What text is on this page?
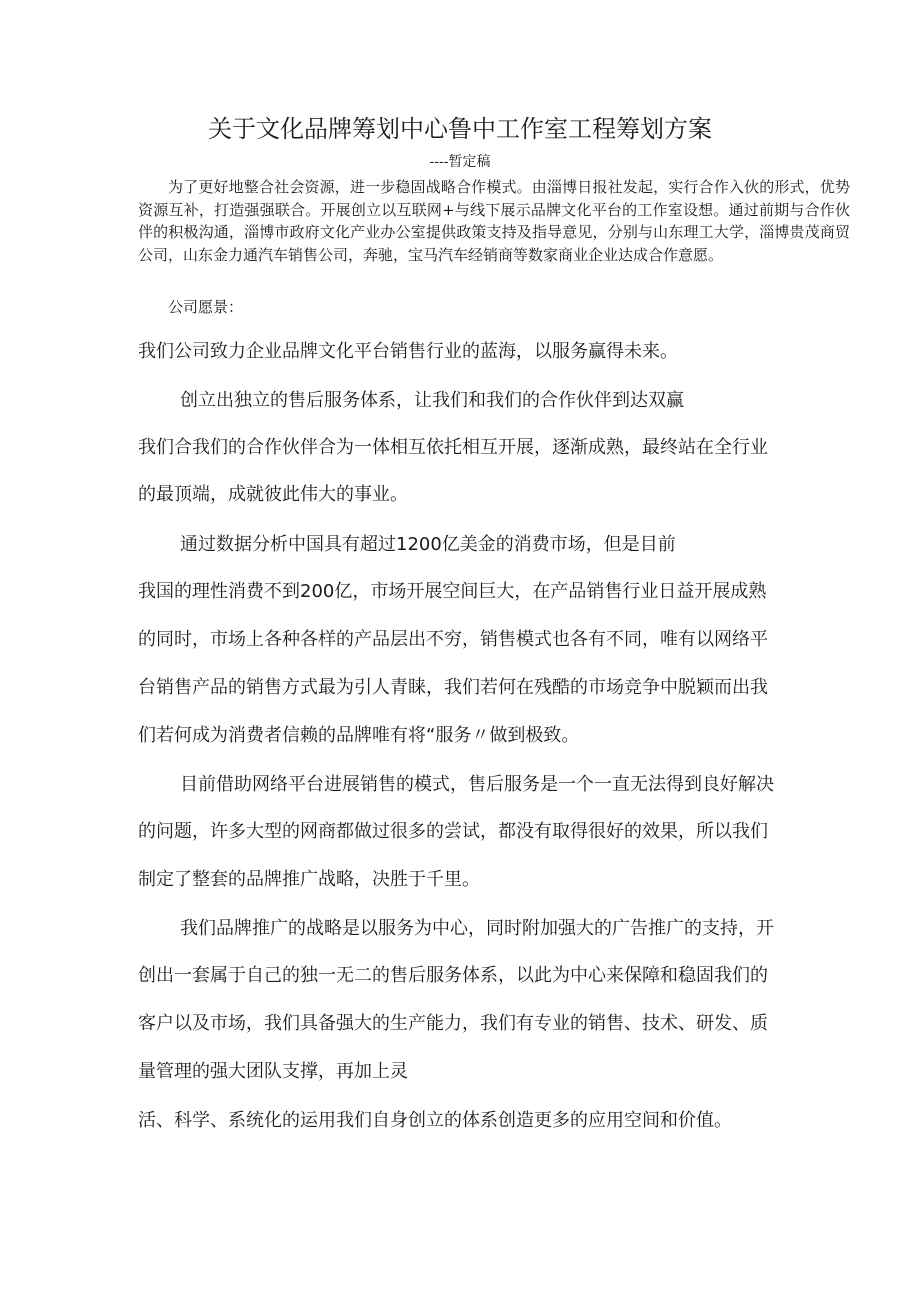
关于文化品牌筹划中心鲁中工作室工程筹划方案
----暂定稿

为了更好地整合社会资源，进一步稳固战略合作模式。由淄博日报社发起，实行合作入伙的形式，优势资源互补，打造强强联合。开展创立以互联网+与线下展示品牌文化平台的工作室设想。通过前期与合作伙伴的积极沟通，淄博市政府文化产业办公室提供政策支持及指导意见，分别与山东理工大学，淄博贵茂商贸公司，山东金力通汽车销售公司，奔驰，宝马汽车经销商等数家商业企业达成合作意愿。

公司愿景：

我们公司致力企业品牌文化平台销售行业的蓝海，以服务赢得未来。

创立出独立的售后服务体系，让我们和我们的合作伙伴到达双赢

我们合我们的合作伙伴合为一体相互依托相互开展，逐渐成熟，最终站在全行业

的最顶端，成就彼此伟大的事业。

通过数据分析中国具有超过1200亿美金的消费市场，但是目前

我国的理性消费不到200亿，市场开展空间巨大，在产品销售行业日益开展成熟

的同时，市场上各种各样的产品层出不穷，销售模式也各有不同，唯有以网络平

台销售产品的销售方式最为引人青睐，我们若何在残酷的市场竞争中脱颖而出我

们若何成为消费者信赖的品牌唯有将“服务〃做到极致。

目前借助网络平台进展销售的模式，售后服务是一个一直无法得到良好解决

的问题，许多大型的网商都做过很多的尝试，都没有取得很好的效果，所以我们

制定了整套的品牌推广战略，决胜于千里。

我们品牌推广的战略是以服务为中心，同时附加强大的广告推广的支持，开

创出一套属于自己的独一无二的售后服务体系，以此为中心来保障和稳固我们的

客户以及市场，我们具备强大的生产能力，我们有专业的销售、技术、研发、质

量管理的强大团队支撑，再加上灵

活、科学、系统化的运用我们自身创立的体系创造更多的应用空间和价值。
